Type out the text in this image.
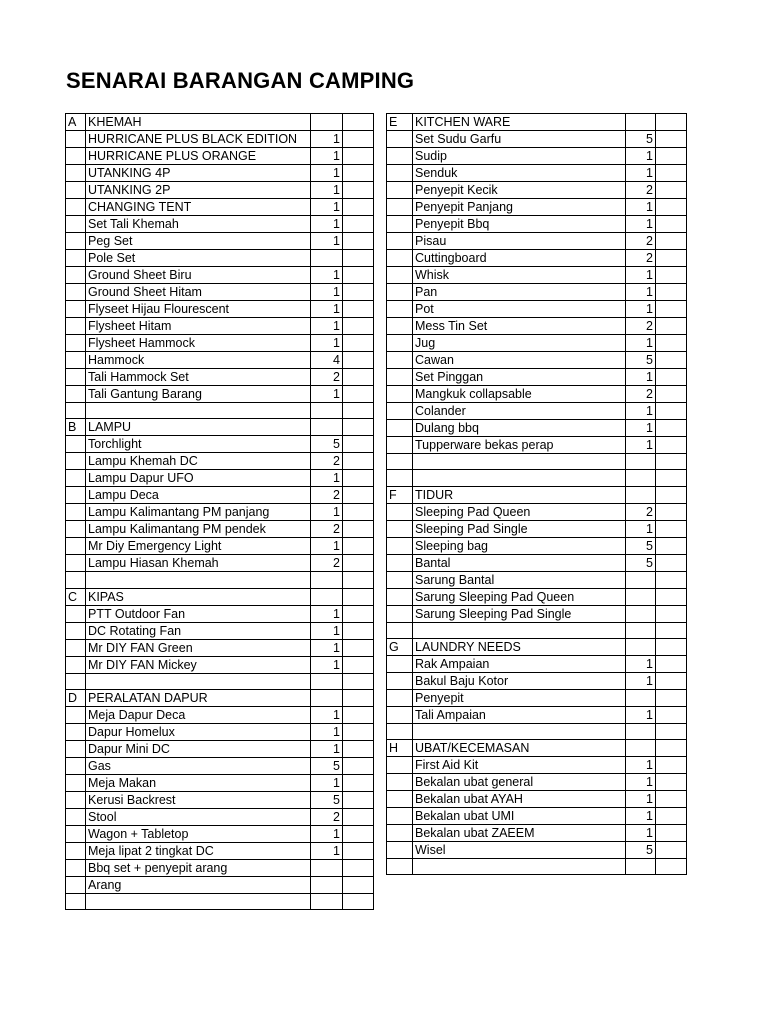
SENARAI BARANGAN CAMPING
A	KHEMAH		
	HURRICANE PLUS BLACK EDITION	1	
	HURRICANE PLUS ORANGE	1	
	UTANKING 4P	1	
	UTANKING 2P	1	
	CHANGING TENT	1	
	Set Tali Khemah	1	
	Peg Set	1	
	Pole Set		
	Ground Sheet Biru	1	
	Ground Sheet Hitam	1	
	Flyseet Hijau Flourescent	1	
	Flysheet Hitam	1	
	Flysheet Hammock	1	
	Hammock	4	
	Tali Hammock Set	2	
	Tali Gantung Barang	1	

B	LAMPU		
	Torchlight	5	
	Lampu Khemah DC	2	
	Lampu Dapur UFO	1	
	Lampu Deca	2	
	Lampu Kalimantang PM panjang	1	
	Lampu Kalimantang PM pendek	2	
	Mr Diy Emergency Light	1	
	Lampu Hiasan Khemah	2	

C	KIPAS		
	PTT Outdoor Fan	1	
	DC Rotating Fan	1	
	Mr DIY FAN Green	1	
	Mr DIY FAN Mickey	1	

D	PERALATAN DAPUR		
	Meja Dapur Deca	1	
	Dapur Homelux	1	
	Dapur Mini DC	1	
	Gas	5	
	Meja Makan	1	
	Kerusi Backrest	5	
	Stool	2	
	Wagon + Tabletop	1	
	Meja lipat 2 tingkat DC	1	
	Bbq set + penyepit arang		
	Arang		

E	KITCHEN WARE		
	Set Sudu Garfu	5	
	Sudip	1	
	Senduk	1	
	Penyepit Kecik	2	
	Penyepit Panjang	1	
	Penyepit Bbq	1	
	Pisau	2	
	Cuttingboard	2	
	Whisk	1	
	Pan	1	
	Pot	1	
	Mess Tin Set	2	
	Jug	1	
	Cawan	5	
	Set Pinggan	1	
	Mangkuk collapsable	2	
	Colander	1	
	Dulang bbq	1	
	Tupperware bekas perap	1	

F	TIDUR		
	Sleeping Pad Queen	2	
	Sleeping Pad Single	1	
	Sleeping bag	5	
	Bantal	5	
	Sarung Bantal		
	Sarung Sleeping Pad Queen		
	Sarung Sleeping Pad Single		

G	LAUNDRY NEEDS		
	Rak Ampaian	1	
	Bakul Baju Kotor	1	
	Penyepit		
	Tali Ampaian	1	

H	UBAT/KECEMASAN		
	First Aid Kit	1	
	Bekalan ubat general	1	
	Bekalan ubat AYAH	1	
	Bekalan ubat UMI	1	
	Bekalan ubat ZAEEM	1	
	Wisel	5	
